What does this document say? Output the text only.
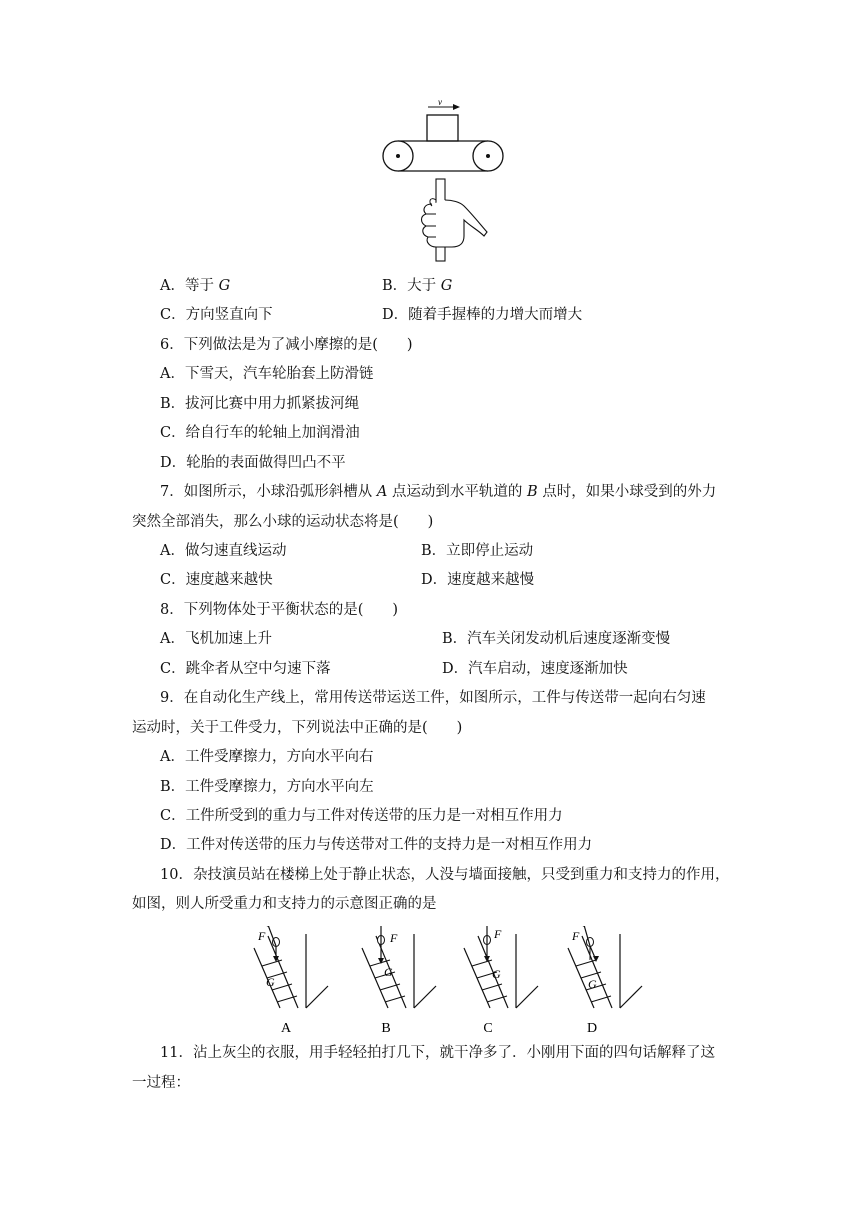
v
A．等于 G	B．大于 G
C．方向竖直向下	D．随着手握棒的力增大而增大
6．下列做法是为了减小摩擦的是(　　)
A．下雪天，汽车轮胎套上防滑链
B．拔河比赛中用力抓紧拔河绳
C．给自行车的轮轴上加润滑油
D．轮胎的表面做得凹凸不平
7．如图所示，小球沿弧形斜槽从 A 点运动到水平轨道的 B 点时，如果小球受到的外力
突然全部消失，那么小球的运动状态将是(　　)
A．做匀速直线运动	B．立即停止运动
C．速度越来越快	D．速度越来越慢
8．下列物体处于平衡状态的是(　　)
A．飞机加速上升	B．汽车关闭发动机后速度逐渐变慢
C．跳伞者从空中匀速下落	D．汽车启动，速度逐渐加快
9．在自动化生产线上，常用传送带运送工件，如图所示，工件与传送带一起向右匀速
运动时，关于工件受力，下列说法中正确的是(　　)
A．工件受摩擦力，方向水平向右
B．工件受摩擦力，方向水平向左
C．工件所受到的重力与工件对传送带的压力是一对相互作用力
D．工件对传送带的压力与传送带对工件的支持力是一对相互作用力
10．杂技演员站在楼梯上处于静止状态，人没与墙面接触，只受到重力和支持力的作用，
如图，则人所受重力和支持力的示意图正确的是
F
G
A
F
G
B
F
G
C
F
G
D
11．沾上灰尘的衣服，用手轻轻拍打几下，就干净多了．小刚用下面的四句话解释了这
一过程：
